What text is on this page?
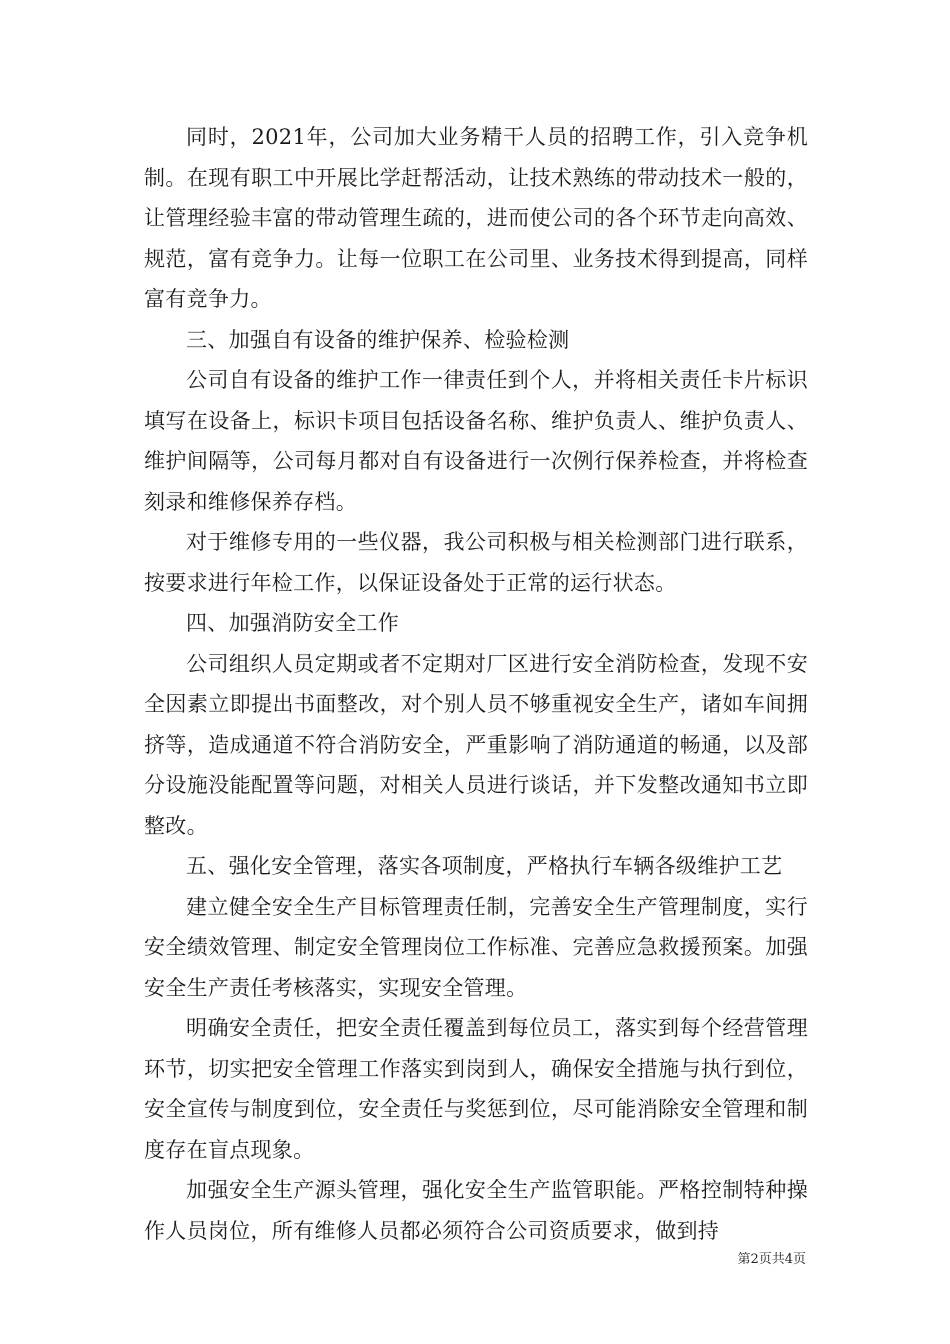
同时，2021年，公司加大业务精干人员的招聘工作，引入竞争机制。在现有职工中开展比学赶帮活动，让技术熟练的带动技术一般的，让管理经验丰富的带动管理生疏的，进而使公司的各个环节走向高效、规范，富有竞争力。让每一位职工在公司里、业务技术得到提高，同样富有竞争力。

三、加强自有设备的维护保养、检验检测

公司自有设备的维护工作一律责任到个人，并将相关责任卡片标识填写在设备上，标识卡项目包括设备名称、维护负责人、维护负责人、维护间隔等，公司每月都对自有设备进行一次例行保养检查，并将检查刻录和维修保养存档。

对于维修专用的一些仪器，我公司积极与相关检测部门进行联系，按要求进行年检工作，以保证设备处于正常的运行状态。

四、加强消防安全工作

公司组织人员定期或者不定期对厂区进行安全消防检查，发现不安全因素立即提出书面整改，对个别人员不够重视安全生产，诸如车间拥挤等，造成通道不符合消防安全，严重影响了消防通道的畅通，以及部分设施没能配置等问题，对相关人员进行谈话，并下发整改通知书立即整改。

五、强化安全管理，落实各项制度，严格执行车辆各级维护工艺

建立健全安全生产目标管理责任制，完善安全生产管理制度，实行安全绩效管理、制定安全管理岗位工作标准、完善应急救援预案。加强安全生产责任考核落实，实现安全管理。

明确安全责任，把安全责任覆盖到每位员工，落实到每个经营管理环节，切实把安全管理工作落实到岗到人，确保安全措施与执行到位，安全宣传与制度到位，安全责任与奖惩到位，尽可能消除安全管理和制度存在盲点现象。

加强安全生产源头管理，强化安全生产监管职能。严格控制特种操作人员岗位，所有维修人员都必须符合公司资质要求，做到持

第2页共4页
